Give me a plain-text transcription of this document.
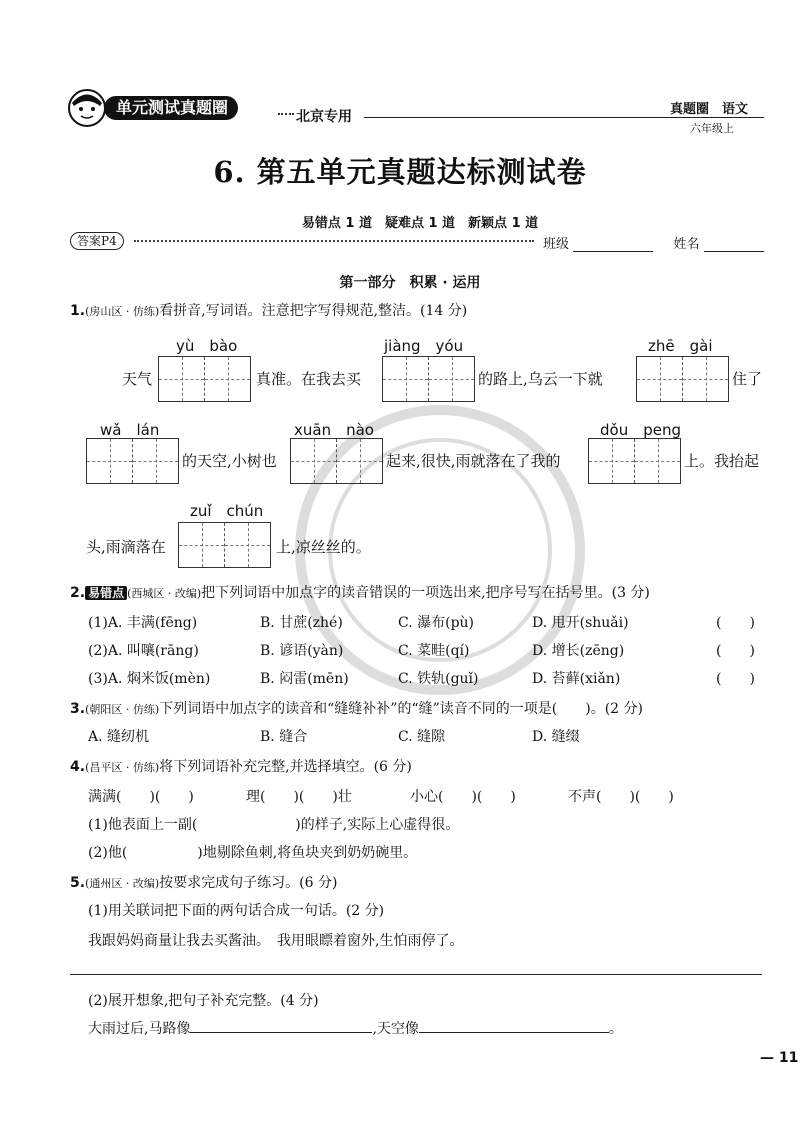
单元测试真题圈	北京专用	真题圈　语文
六年级上
6. 第五单元真题达标测试卷
易错点 1 道　疑难点 1 道　新颖点 1 道
答案P4	班级	姓名
第一部分　积累 · 运用
1.(房山区 · 仿练)看拼音,写词语。注意把字写得规范,整洁。(14 分)
yù　bào	jiàng　yóu	zhē　gài
天气	真准。在我去买	的路上,乌云一下就	住了
wǎ　lán	xuān　nào	dǒu　peng
的天空,小树也	起来,很快,雨就落在了我的	上。我抬起
zuǐ　chún
头,雨滴落在	上,凉丝丝的。
2. 易错点 (西城区 · 改编)把下列词语中加点字的读音错误的一项选出来,把序号写在括号里。(3 分)
(1)A. 丰满(fēng)	B. 甘蔗(zhé)	C. 瀑布(pù)	D. 甩开(shuǎi)	(　　)
(2)A. 叫嚷(rāng)	B. 谚语(yàn)	C. 菜畦(qí)	D. 增长(zēng)	(　　)
(3)A. 焖米饭(mèn)	B. 闷雷(mēn)	C. 铁轨(guǐ)	D. 苔藓(xiǎn)	(　　)
3.(朝阳区 · 仿练)下列词语中加点字的读音和“缝缝补补”的“缝”读音不同的一项是(　　)。(2 分)
A. 缝纫机	B. 缝合	C. 缝隙	D. 缝缀
4.(昌平区 · 仿练)将下列词语补充完整,并选择填空。(6 分)
满满(　　)(　　)	理(　　)(　　)壮	小心(　　)(　　)	不声(　　)(　　)
(1)他表面上一副(　　　　　　　)的样子,实际上心虚得很。
(2)他(　　　　　)地剔除鱼刺,将鱼块夹到奶奶碗里。
5.(通州区 · 改编)按要求完成句子练习。(6 分)
(1)用关联词把下面的两句话合成一句话。(2 分)
我跟妈妈商量让我去买酱油。　我用眼瞟着窗外,生怕雨停了。
(2)展开想象,把句子补充完整。(4 分)
大雨过后,马路像	,天空像	。
— 11
